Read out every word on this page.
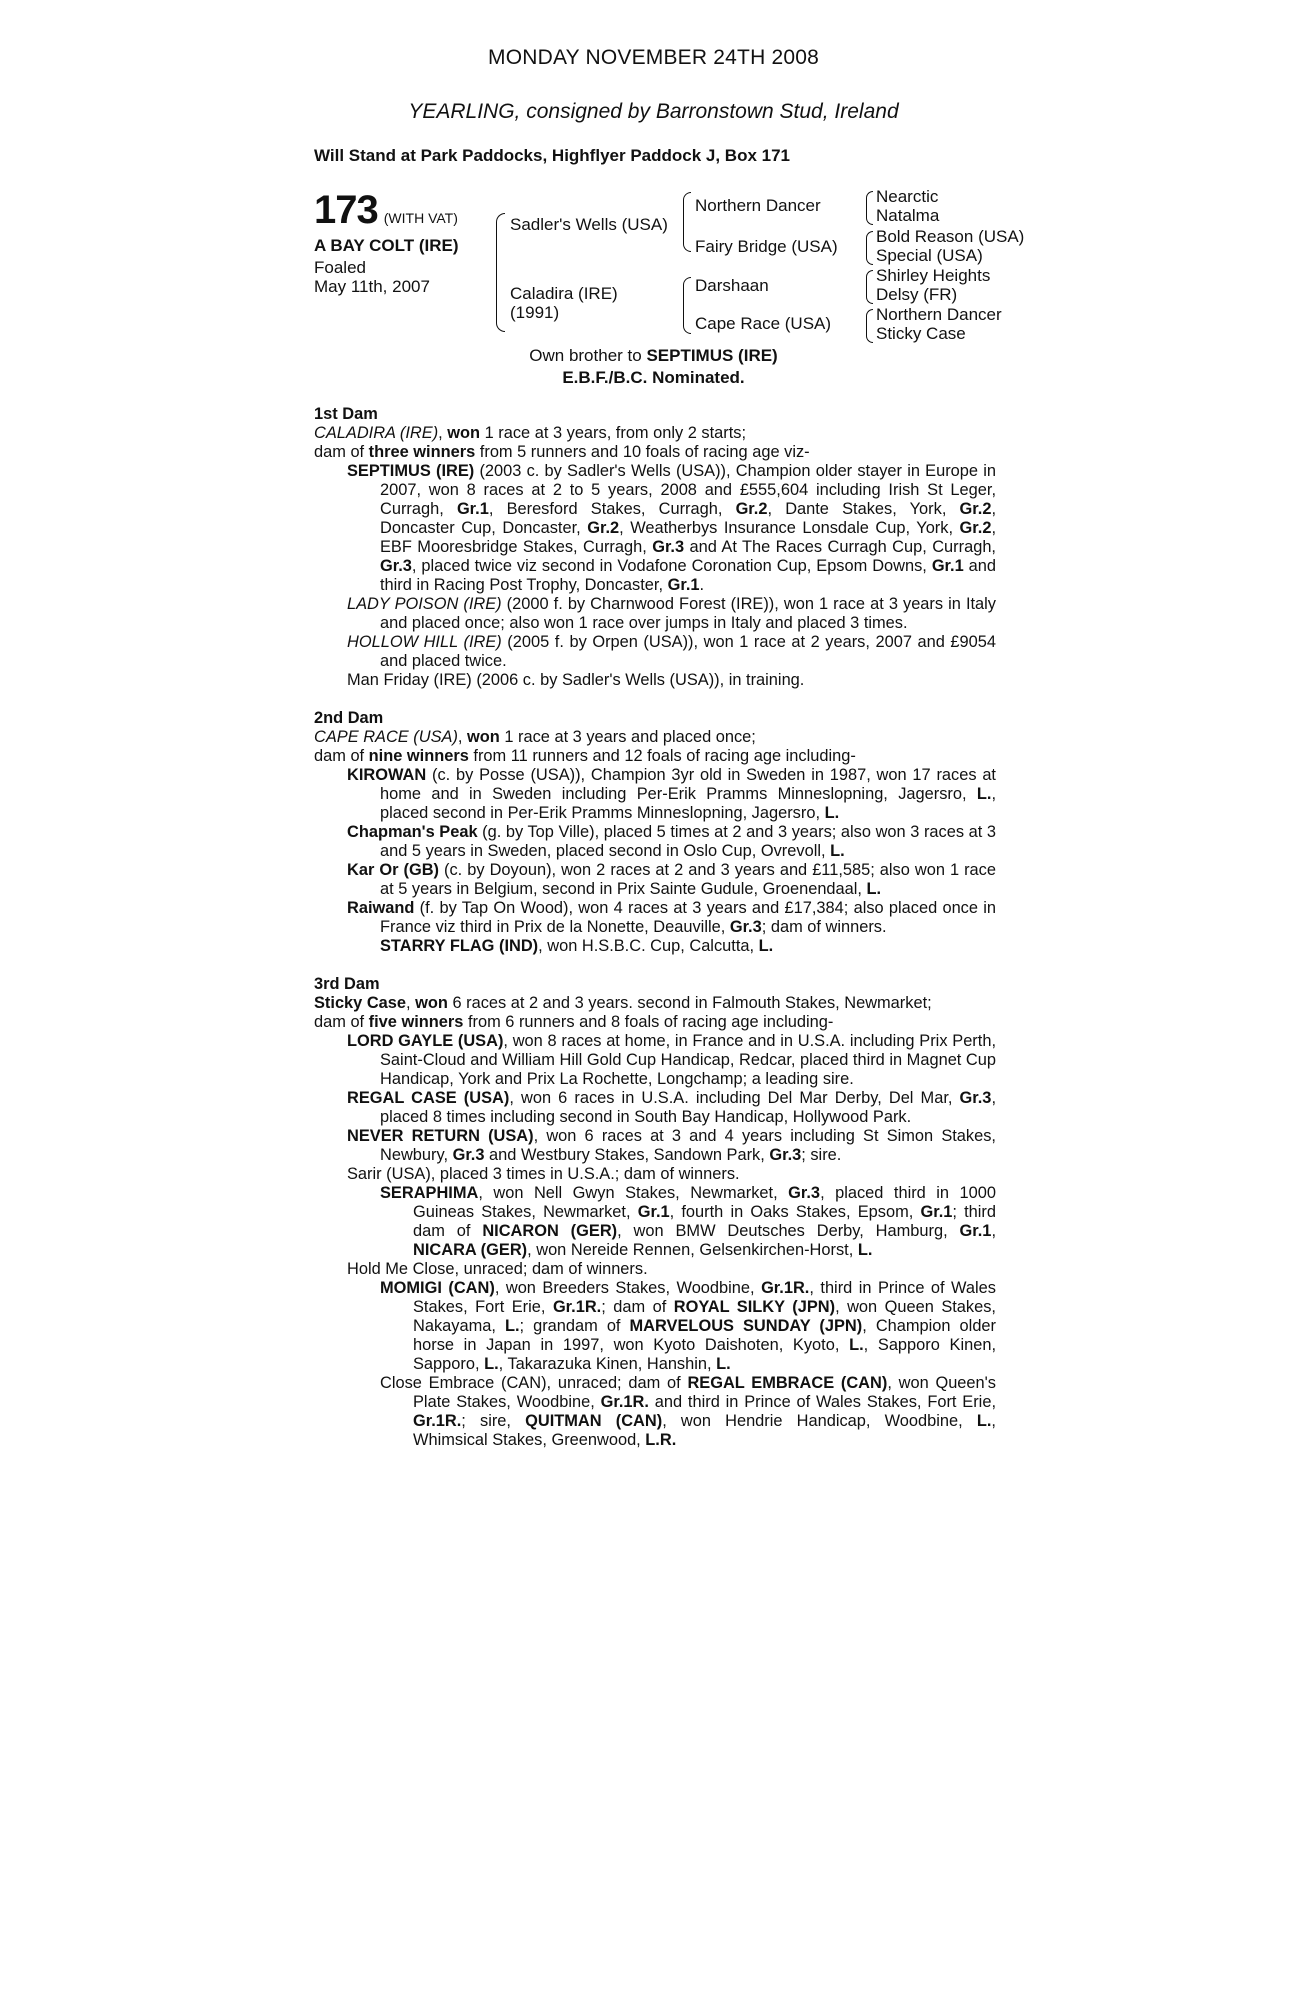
MONDAY NOVEMBER 24TH 2008
YEARLING, consigned by Barronstown Stud, Ireland
Will Stand at Park Paddocks, Highflyer Paddock J, Box 171
173 (WITH VAT)
A BAY COLT (IRE)
Foaled
May 11th, 2007
Sadler's Wells (USA)
Caladira (IRE)
(1991)
Northern Dancer
Fairy Bridge (USA)
Darshaan
Cape Race (USA)
Nearctic
Natalma
Bold Reason (USA)
Special (USA)
Shirley Heights
Delsy (FR)
Northern Dancer
Sticky Case
Own brother to SEPTIMUS (IRE)
E.B.F./B.C. Nominated.

1st Dam

CALADIRA (IRE), won 1 race at 3 years, from only 2 starts;

dam of three winners from 5 runners and 10 foals of racing age viz-

SEPTIMUS (IRE) (2003 c. by Sadler's Wells (USA)), Champion older stayer in Europe in 2007, won 8 races at 2 to 5 years, 2008 and £555,604 including Irish St Leger, Curragh, Gr.1, Beresford Stakes, Curragh, Gr.2, Dante Stakes, York, Gr.2, Doncaster Cup, Doncaster, Gr.2, Weatherbys Insurance Lonsdale Cup, York, Gr.2, EBF Mooresbridge Stakes, Curragh, Gr.3 and At The Races Curragh Cup, Curragh, Gr.3, placed twice viz second in Vodafone Coronation Cup, Epsom Downs, Gr.1 and third in Racing Post Trophy, Doncaster, Gr.1.

LADY POISON (IRE) (2000 f. by Charnwood Forest (IRE)), won 1 race at 3 years in Italy and placed once; also won 1 race over jumps in Italy and placed 3 times.

HOLLOW HILL (IRE) (2005 f. by Orpen (USA)), won 1 race at 2 years, 2007 and £9054 and placed twice.

Man Friday (IRE) (2006 c. by Sadler's Wells (USA)), in training.

2nd Dam

CAPE RACE (USA), won 1 race at 3 years and placed once;

dam of nine winners from 11 runners and 12 foals of racing age including-

KIROWAN (c. by Posse (USA)), Champion 3yr old in Sweden in 1987, won 17 races at home and in Sweden including Per-Erik Pramms Minneslopning, Jagersro, L., placed second in Per-Erik Pramms Minneslopning, Jagersro, L.

Chapman's Peak (g. by Top Ville), placed 5 times at 2 and 3 years; also won 3 races at 3 and 5 years in Sweden, placed second in Oslo Cup, Ovrevoll, L.

Kar Or (GB) (c. by Doyoun), won 2 races at 2 and 3 years and £11,585; also won 1 race at 5 years in Belgium, second in Prix Sainte Gudule, Groenendaal, L.

Raiwand (f. by Tap On Wood), won 4 races at 3 years and £17,384; also placed once in France viz third in Prix de la Nonette, Deauville, Gr.3; dam of winners.

STARRY FLAG (IND), won H.S.B.C. Cup, Calcutta, L.

3rd Dam

Sticky Case, won 6 races at 2 and 3 years. second in Falmouth Stakes, Newmarket;

dam of five winners from 6 runners and 8 foals of racing age including-

LORD GAYLE (USA), won 8 races at home, in France and in U.S.A. including Prix Perth, Saint-Cloud and William Hill Gold Cup Handicap, Redcar, placed third in Magnet Cup Handicap, York and Prix La Rochette, Longchamp; a leading sire.

REGAL CASE (USA), won 6 races in U.S.A. including Del Mar Derby, Del Mar, Gr.3, placed 8 times including second in South Bay Handicap, Hollywood Park.

NEVER RETURN (USA), won 6 races at 3 and 4 years including St Simon Stakes, Newbury, Gr.3 and Westbury Stakes, Sandown Park, Gr.3; sire.

Sarir (USA), placed 3 times in U.S.A.; dam of winners.

SERAPHIMA, won Nell Gwyn Stakes, Newmarket, Gr.3, placed third in 1000 Guineas Stakes, Newmarket, Gr.1, fourth in Oaks Stakes, Epsom, Gr.1; third dam of NICARON (GER), won BMW Deutsches Derby, Hamburg, Gr.1, NICARA (GER), won Nereide Rennen, Gelsenkirchen-Horst, L.

Hold Me Close, unraced; dam of winners.

MOMIGI (CAN), won Breeders Stakes, Woodbine, Gr.1R., third in Prince of Wales Stakes, Fort Erie, Gr.1R.; dam of ROYAL SILKY (JPN), won Queen Stakes, Nakayama, L.; grandam of MARVELOUS SUNDAY (JPN), Champion older horse in Japan in 1997, won Kyoto Daishoten, Kyoto, L., Sapporo Kinen, Sapporo, L., Takarazuka Kinen, Hanshin, L.

Close Embrace (CAN), unraced; dam of REGAL EMBRACE (CAN), won Queen's Plate Stakes, Woodbine, Gr.1R. and third in Prince of Wales Stakes, Fort Erie, Gr.1R.; sire, QUITMAN (CAN), won Hendrie Handicap, Woodbine, L., Whimsical Stakes, Greenwood, L.R.
